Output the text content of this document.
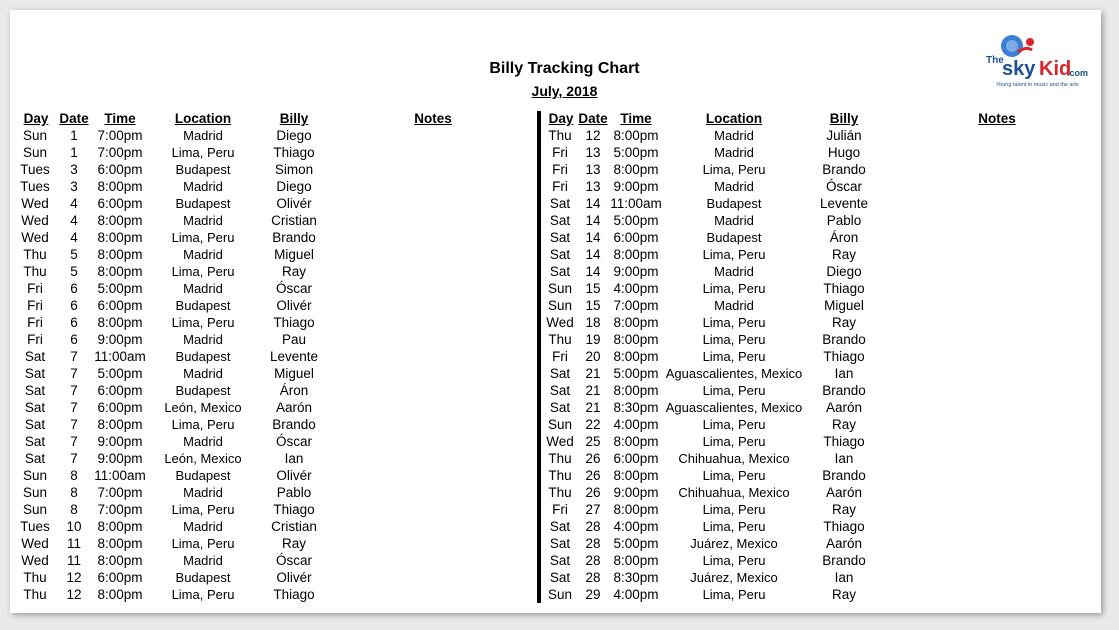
Billy Tracking Chart
July, 2018
The
sky Kid
.com
Young talent in music and the arts
Day Date	Time	Location	Billy	Notes
Sun	1	7:00pm	Madrid	Diego
Sun	1	7:00pm	Lima, Peru	Thiago
Tues	3	6:00pm	Budapest	Simon
Tues	3	8:00pm	Madrid	Diego
Wed	4	6:00pm	Budapest	Olivér
Wed	4	8:00pm	Madrid	Cristian
Wed	4	8:00pm	Lima, Peru	Brando
Thu	5	8:00pm	Madrid	Miguel
Thu	5	8:00pm	Lima, Peru	Ray
Fri	6	5:00pm	Madrid	Óscar
Fri	6	6:00pm	Budapest	Olivér
Fri	6	8:00pm	Lima, Peru	Thiago
Fri	6	9:00pm	Madrid	Pau
Sat	7	11:00am	Budapest	Levente
Sat	7	5:00pm	Madrid	Miguel
Sat	7	6:00pm	Budapest	Áron
Sat	7	6:00pm	León, Mexico	Aarón
Sat	7	8:00pm	Lima, Peru	Brando
Sat	7	9:00pm	Madrid	Óscar
Sat	7	9:00pm	León, Mexico	Ian
Sun	8	11:00am	Budapest	Olivér
Sun	8	7:00pm	Madrid	Pablo
Sun	8	7:00pm	Lima, Peru	Thiago
Tues	10	8:00pm	Madrid	Cristian
Wed	11	8:00pm	Lima, Peru	Ray
Wed	11	8:00pm	Madrid	Óscar
Thu	12	6:00pm	Budapest	Olivér
Thu	12	8:00pm	Lima, Peru	Thiago
Day Date Time	Location	Billy	Notes
Thu	12 8:00pm	Madrid	Julián
Fri	13 5:00pm	Madrid	Hugo
Fri	13 8:00pm	Lima, Peru	Brando
Fri	13 9:00pm	Madrid	Óscar
Sat	14 11:00am	Budapest	Levente
Sat	14 5:00pm	Madrid	Pablo
Sat	14 6:00pm	Budapest	Áron
Sat	14 8:00pm	Lima, Peru	Ray
Sat	14 9:00pm	Madrid	Diego
Sun 15 4:00pm	Lima, Peru	Thiago
Sun 15 7:00pm	Madrid	Miguel
Wed 18 8:00pm	Lima, Peru	Ray
Thu	19 8:00pm	Lima, Peru	Brando
Fri	20 8:00pm	Lima, Peru	Thiago
Sat	21 5:00pm Aguascalientes, Mexico	Ian
Sat	21 8:00pm	Lima, Peru	Brando
Sat	21 8:30pm Aguascalientes, Mexico	Aarón
Sun 22 4:00pm	Lima, Peru	Ray
Wed 25 8:00pm	Lima, Peru	Thiago
Thu	26 6:00pm	Chihuahua, Mexico	Ian
Thu	26 8:00pm	Lima, Peru	Brando
Thu	26 9:00pm	Chihuahua, Mexico	Aarón
Fri	27 8:00pm	Lima, Peru	Ray
Sat	28 4:00pm	Lima, Peru	Thiago
Sat	28 5:00pm	Juárez, Mexico	Aarón
Sat	28 8:00pm	Lima, Peru	Brando
Sat	28 8:30pm	Juárez, Mexico	Ian
Sun 29 4:00pm	Lima, Peru	Ray
